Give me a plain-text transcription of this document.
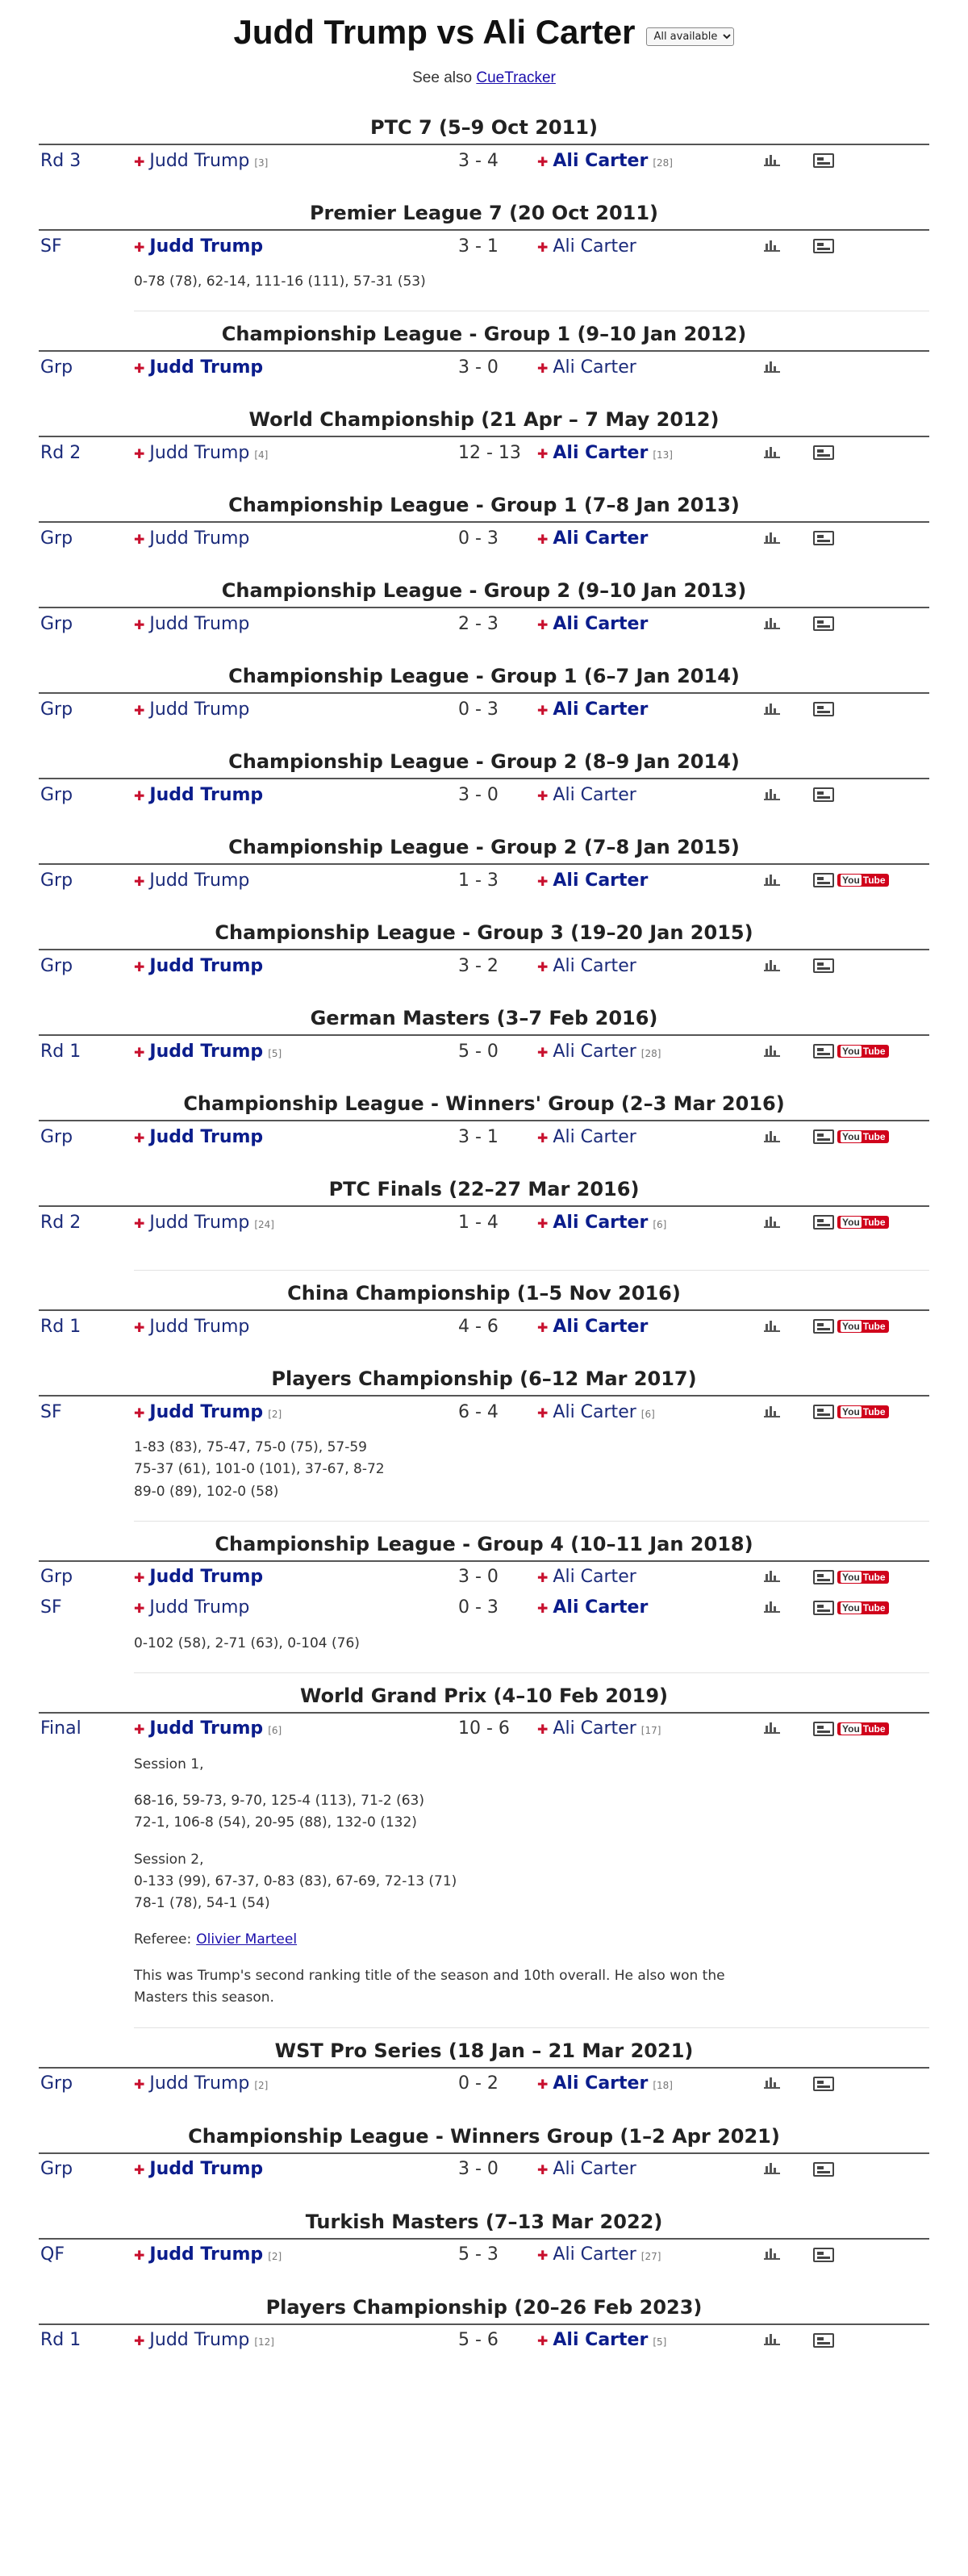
Judd Trump vs Ali Carter
All available
See also CueTracker
PTC 7 (5–9 Oct 2011)
Rd 3	✚ Judd Trump [3]	3 - 4	✚ Ali Carter [28]
Premier League 7 (20 Oct 2011)
SF	✚ Judd Trump	3 - 1	✚ Ali Carter

0-78 (78), 62-14, 111-16 (111), 57-31 (53)

Championship League - Group 1 (9–10 Jan 2012)
Grp	✚ Judd Trump	3 - 0	✚ Ali Carter
World Championship (21 Apr – 7 May 2012)
Rd 2	✚ Judd Trump [4]	12 - 13	✚ Ali Carter [13]
Championship League - Group 1 (7–8 Jan 2013)
Grp	✚ Judd Trump	0 - 3	✚ Ali Carter
Championship League - Group 2 (9–10 Jan 2013)
Grp	✚ Judd Trump	2 - 3	✚ Ali Carter
Championship League - Group 1 (6–7 Jan 2014)
Grp	✚ Judd Trump	0 - 3	✚ Ali Carter
Championship League - Group 2 (8–9 Jan 2014)
Grp	✚ Judd Trump	3 - 0	✚ Ali Carter
Championship League - Group 2 (7–8 Jan 2015)
Grp	✚ Judd Trump	1 - 3	✚ Ali Carter	You Tube
Championship League - Group 3 (19–20 Jan 2015)
Grp	✚ Judd Trump	3 - 2	✚ Ali Carter
German Masters (3–7 Feb 2016)
Rd 1	✚ Judd Trump [5]	5 - 0	✚ Ali Carter [28]	You Tube
Championship League - Winners' Group (2–3 Mar 2016)
Grp	✚ Judd Trump	3 - 1	✚ Ali Carter	You Tube
PTC Finals (22–27 Mar 2016)
Rd 2	✚ Judd Trump [24]	1 - 4	✚ Ali Carter [6]	You Tube
China Championship (1–5 Nov 2016)
Rd 1	✚ Judd Trump	4 - 6	✚ Ali Carter	You Tube
Players Championship (6–12 Mar 2017)
SF	✚ Judd Trump [2]	6 - 4	✚ Ali Carter [6]	You Tube

1-83 (83), 75-47, 75-0 (75), 57-59

75-37 (61), 101-0 (101), 37-67, 8-72

89-0 (89), 102-0 (58)

Championship League - Group 4 (10–11 Jan 2018)
Grp	✚ Judd Trump	3 - 0	✚ Ali Carter	You Tube
SF	✚ Judd Trump	0 - 3	✚ Ali Carter	You Tube

0-102 (58), 2-71 (63), 0-104 (76)

World Grand Prix (4–10 Feb 2019)
Final	✚ Judd Trump [6]	10 - 6	✚ Ali Carter [17]	You Tube

Session 1,

68-16, 59-73, 9-70, 125-4 (113), 71-2 (63)

72-1, 106-8 (54), 20-95 (88), 132-0 (132)

Session 2,

0-133 (99), 67-37, 0-83 (83), 67-69, 72-13 (71)

78-1 (78), 54-1 (54)

Referee: Olivier Marteel

This was Trump's second ranking title of the season and 10th overall. He also won the Masters this season.

WST Pro Series (18 Jan – 21 Mar 2021)
Grp	✚ Judd Trump [2]	0 - 2	✚ Ali Carter [18]
Championship League - Winners Group (1–2 Apr 2021)
Grp	✚ Judd Trump	3 - 0	✚ Ali Carter
Turkish Masters (7–13 Mar 2022)
QF	✚ Judd Trump [2]	5 - 3	✚ Ali Carter [27]
Players Championship (20–26 Feb 2023)
Rd 1	✚ Judd Trump [12]	5 - 6	✚ Ali Carter [5]
